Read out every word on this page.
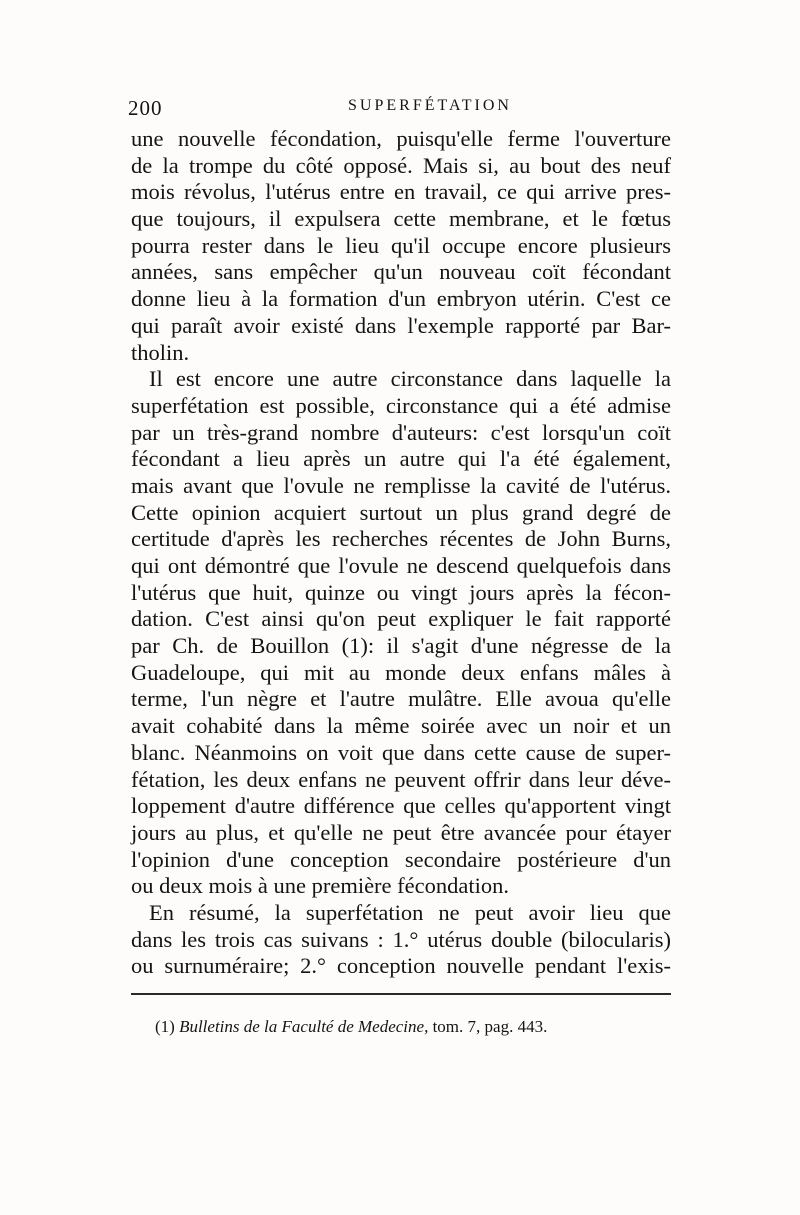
200	SUPERFÉTATION
une nouvelle fécondation, puisqu'elle ferme l'ouverture
de la trompe du côté opposé. Mais si, au bout des neuf
mois révolus, l'utérus entre en travail, ce qui arrive pres-
que toujours, il expulsera cette membrane, et le fœtus
pourra rester dans le lieu qu'il occupe encore plusieurs
années, sans empêcher qu'un nouveau coït fécondant
donne lieu à la formation d'un embryon utérin. C'est ce
qui paraît avoir existé dans l'exemple rapporté par Bar-
tholin.
Il est encore une autre circonstance dans laquelle la
superfétation est possible, circonstance qui a été admise
par un très-grand nombre d'auteurs: c'est lorsqu'un coït
fécondant a lieu après un autre qui l'a été également,
mais avant que l'ovule ne remplisse la cavité de l'utérus.
Cette opinion acquiert surtout un plus grand degré de
certitude d'après les recherches récentes de John Burns,
qui ont démontré que l'ovule ne descend quelquefois dans
l'utérus que huit, quinze ou vingt jours après la fécon-
dation. C'est ainsi qu'on peut expliquer le fait rapporté
par Ch. de Bouillon (1): il s'agit d'une négresse de la
Guadeloupe, qui mit au monde deux enfans mâles à
terme, l'un nègre et l'autre mulâtre. Elle avoua qu'elle
avait cohabité dans la même soirée avec un noir et un
blanc. Néanmoins on voit que dans cette cause de super-
fétation, les deux enfans ne peuvent offrir dans leur déve-
loppement d'autre différence que celles qu'apportent vingt
jours au plus, et qu'elle ne peut être avancée pour étayer
l'opinion d'une conception secondaire postérieure d'un
ou deux mois à une première fécondation.
En résumé, la superfétation ne peut avoir lieu que
dans les trois cas suivans : 1.° utérus double (bilocularis)
ou surnuméraire; 2.° conception nouvelle pendant l'exis-
(1) Bulletins de la Faculté de Medecine, tom. 7, pag. 443.
